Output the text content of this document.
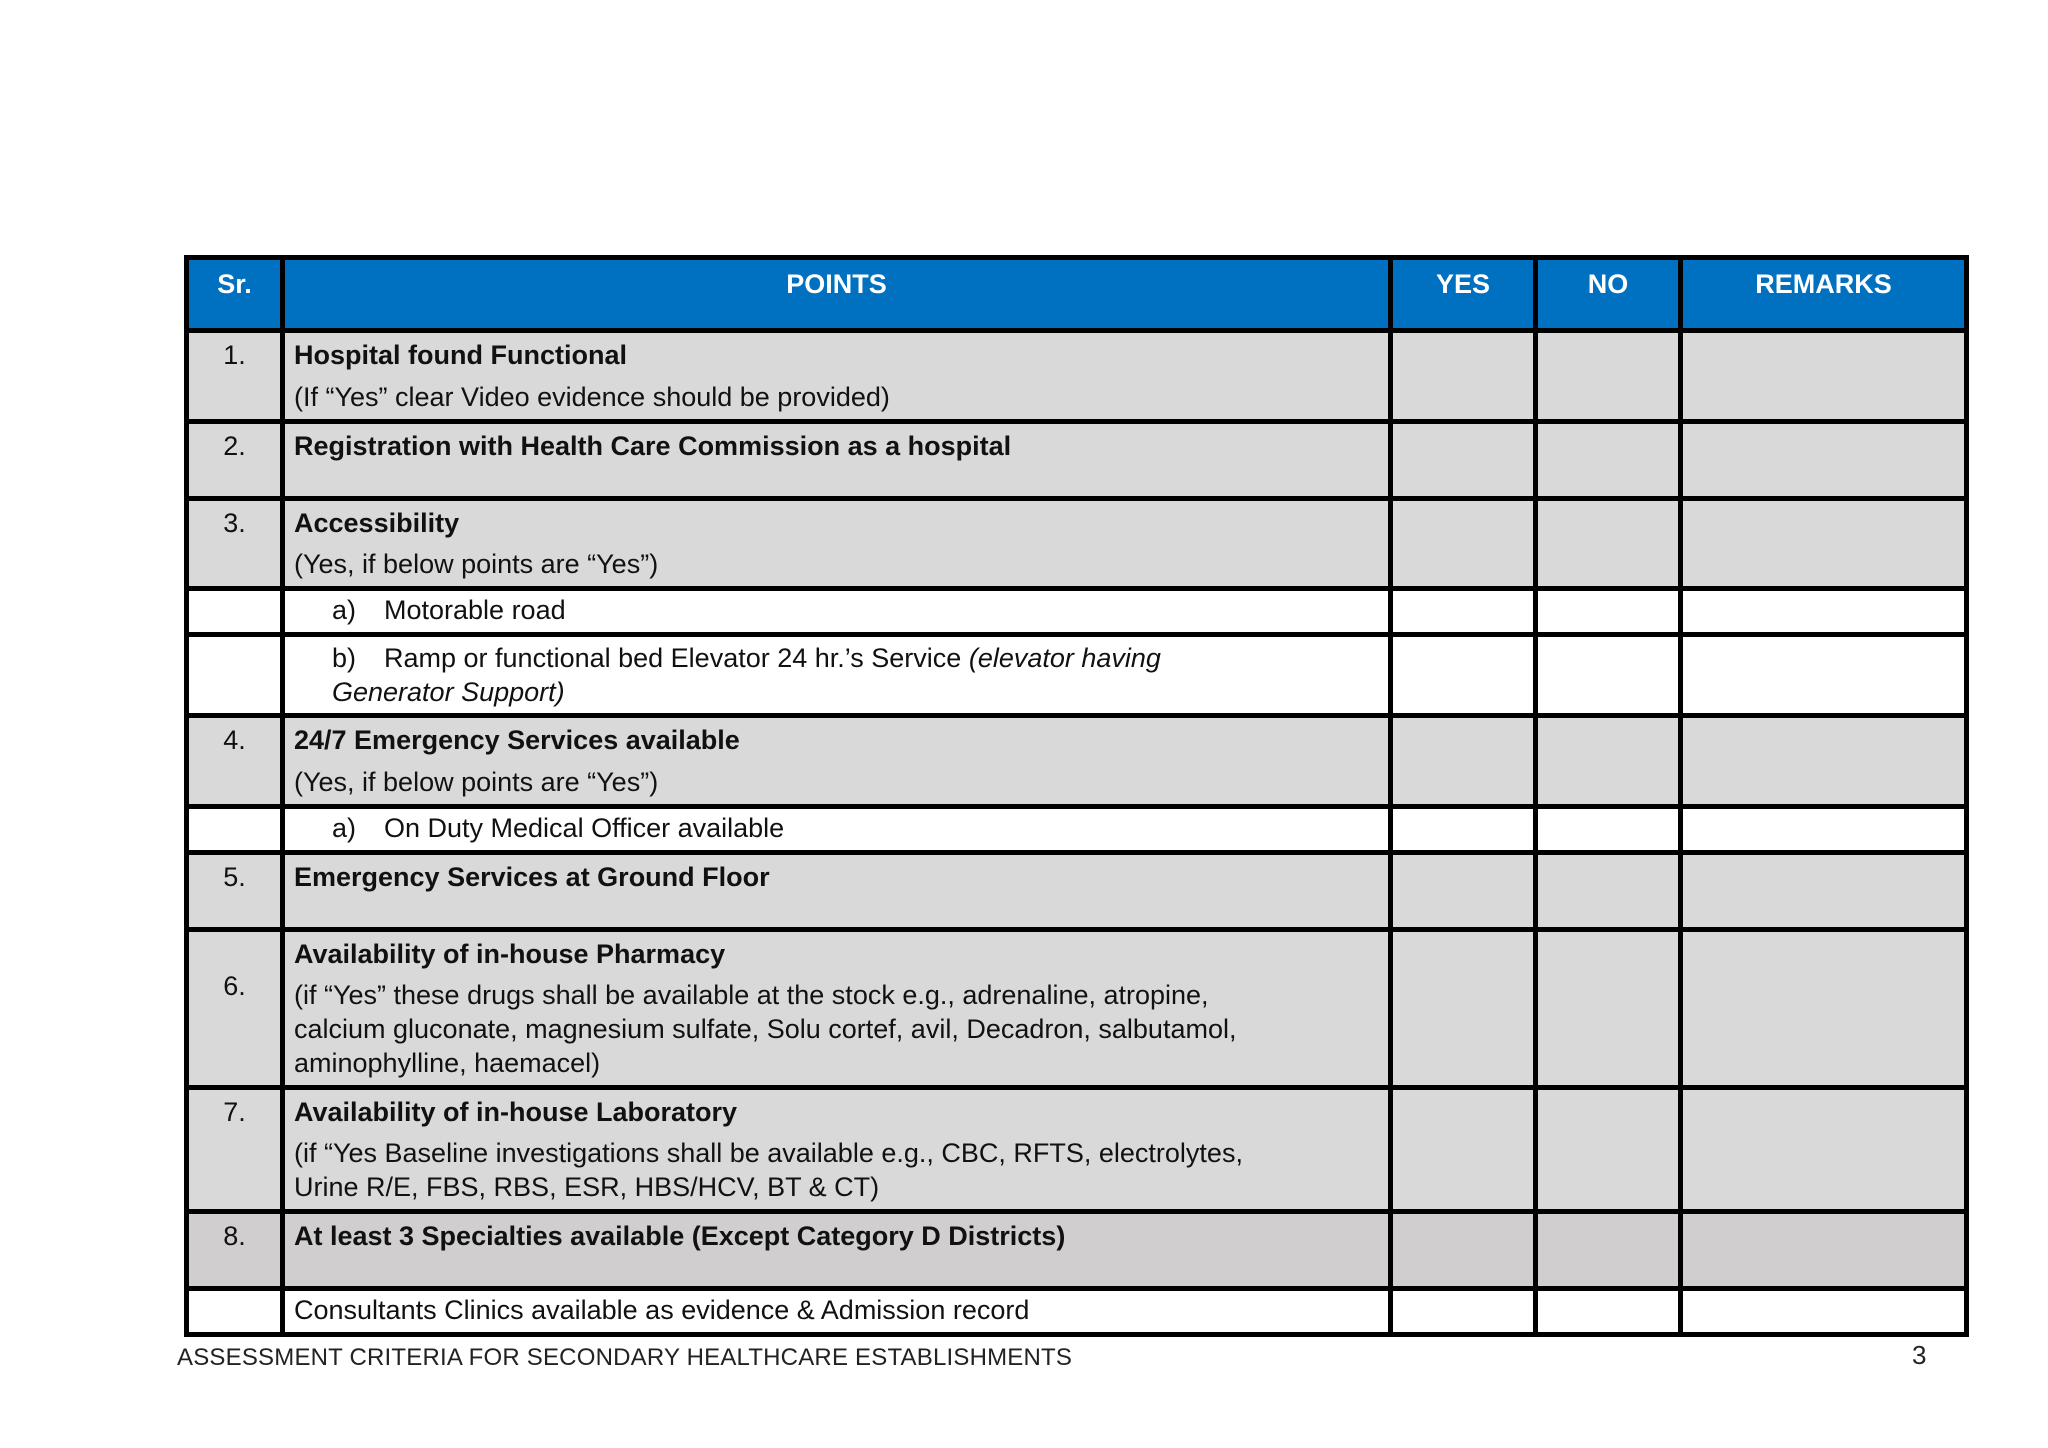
Sr.	POINTS	YES	NO	REMARKS
1.	Hospital found Functional
(If “Yes” clear Video evidence should be provided)			

2.	Registration with Health Care Commission as a hospital			

3.	Accessibility
(Yes, if below points are “Yes”)			

	a) Motorable road			

	b) Ramp or functional bed Elevator 24 hr.’s Service (elevator having
Generator Support)			

4.	24/7 Emergency Services available
(Yes, if below points are “Yes”)			

	a) On Duty Medical Officer available			

5.	Emergency Services at Ground Floor			

6.	Availability of in-house Pharmacy
(if “Yes” these drugs shall be available at the stock e.g., adrenaline, atropine,
calcium gluconate, magnesium sulfate, Solu cortef, avil, Decadron, salbutamol,
aminophylline, haemacel)			

7.	Availability of in-house Laboratory
(if “Yes Baseline investigations shall be available e.g., CBC, RFTS, electrolytes,
Urine R/E, FBS, RBS, ESR, HBS/HCV, BT & CT)			

8.	At least 3 Specialties available (Except Category D Districts)			

	Consultants Clinics available as evidence & Admission record			

ASSESSMENT CRITERIA FOR SECONDARY HEALTHCARE ESTABLISHMENTS	3
